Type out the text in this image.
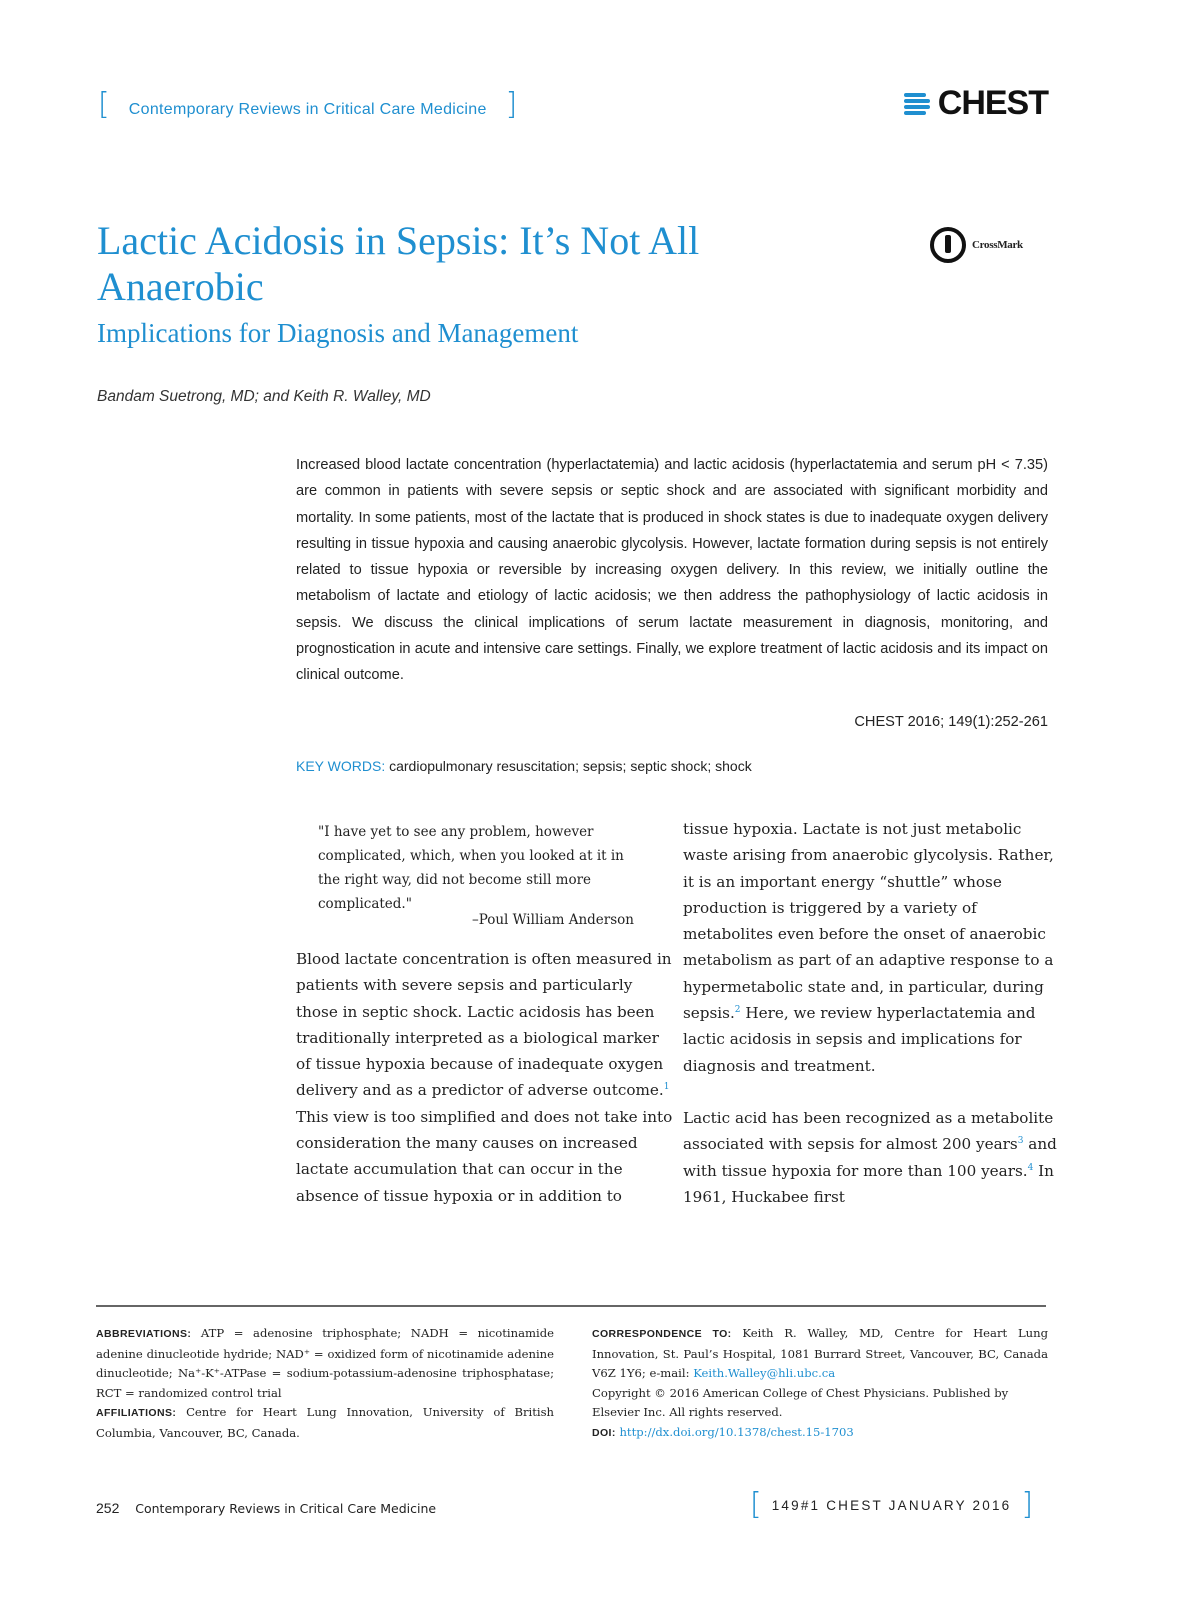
[ Contemporary Reviews in Critical Care Medicine ]	CHEST
Lactic Acidosis in Sepsis: It’s Not All Anaerobic
Implications for Diagnosis and Management
Bandam Suetrong, MD; and Keith R. Walley, MD
CrossMark
Increased blood lactate concentration (hyperlactatemia) and lactic acidosis (hyperlactatemia and serum pH < 7.35) are common in patients with severe sepsis or septic shock and are associated with significant morbidity and mortality. In some patients, most of the lactate that is produced in shock states is due to inadequate oxygen delivery resulting in tissue hypoxia and causing anaerobic glycolysis. However, lactate formation during sepsis is not entirely related to tissue hypoxia or reversible by increasing oxygen delivery. In this review, we initially outline the metabolism of lactate and etiology of lactic acidosis; we then address the pathophysiology of lactic acidosis in sepsis. We discuss the clinical implications of serum lactate measurement in diagnosis, monitoring, and prognostication in acute and intensive care settings. Finally, we explore treatment of lactic acidosis and its impact on clinical outcome.
CHEST 2016; 149(1):252-261
KEY WORDS: cardiopulmonary resuscitation; sepsis; septic shock; shock
"I have yet to see any problem, however complicated, which, when you looked at it in the right way, did not become still more complicated."
–Poul William Anderson

Blood lactate concentration is often measured in patients with severe sepsis and particularly those in septic shock. Lactic acidosis has been traditionally interpreted as a biological marker of tissue hypoxia because of inadequate oxygen delivery and as a predictor of adverse outcome.$^1$ This view is too simplified and does not take into consideration the many causes on increased lactate accumulation that can occur in the absence of tissue hypoxia or in addition to

tissue hypoxia. Lactate is not just metabolic waste arising from anaerobic glycolysis. Rather, it is an important energy “shuttle” whose production is triggered by a variety of metabolites even before the onset of anaerobic metabolism as part of an adaptive response to a hypermetabolic state and, in particular, during sepsis.$^2$ Here, we review hyperlactatemia and lactic acidosis in sepsis and implications for diagnosis and treatment.

Lactic acid has been recognized as a metabolite associated with sepsis for almost 200 years$^3$ and with tissue hypoxia for more than 100 years.$^4$ In 1961, Huckabee first

ABBREVIATIONS: ATP = adenosine triphosphate; NADH = nicotinamide adenine dinucleotide hydride; NAD⁺ = oxidized form of nicotinamide adenine dinucleotide; Na⁺-K⁺-ATPase = sodium-potassium-adenosine triphosphatase; RCT = randomized control trial
AFFILIATIONS: Centre for Heart Lung Innovation, University of British Columbia, Vancouver, BC, Canada.
CORRESPONDENCE TO: Keith R. Walley, MD, Centre for Heart Lung Innovation, St. Paul’s Hospital, 1081 Burrard Street, Vancouver, BC, Canada V6Z 1Y6; e-mail: Keith.Walley@hli.ubc.ca
Copyright © 2016 American College of Chest Physicians. Published by Elsevier Inc. All rights reserved.
DOI: http://dx.doi.org/10.1378/chest.15-1703
252 Contemporary Reviews in Critical Care Medicine	[ 149#1 CHEST JANUARY 2016 ]
